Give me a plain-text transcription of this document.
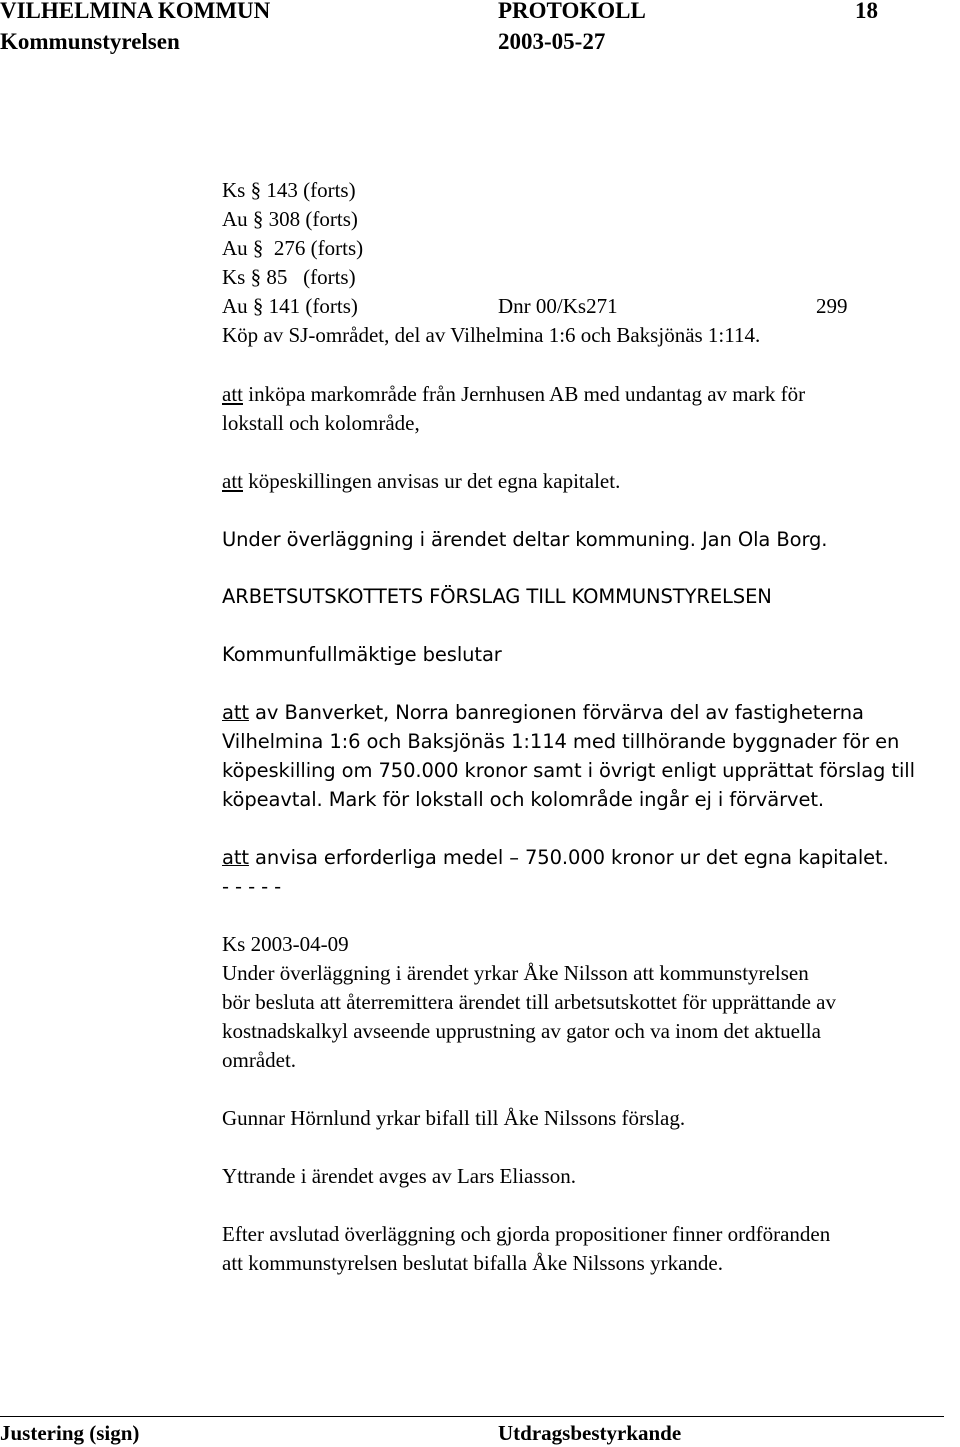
VILHELMINA KOMMUN	PROTOKOLL	18
Kommunstyrelsen	2003-05-27
Ks § 143 (forts)
Au § 308 (forts)
Au § 276 (forts)
Ks § 85 (forts)
Au § 141 (forts)	Dnr 00/Ks271	299
Köp av SJ-området, del av Vilhelmina 1:6 och Baksjönäs 1:114.
att inköpa markområde från Jernhusen AB med undantag av mark för
lokstall och kolområde,
att köpeskillingen anvisas ur det egna kapitalet.
Under överläggning i ärendet deltar kommuning. Jan Ola Borg.
ARBETSUTSKOTTETS FÖRSLAG TILL KOMMUNSTYRELSEN
Kommunfullmäktige beslutar
att av Banverket, Norra banregionen förvärva del av fastigheterna
Vilhelmina 1:6 och Baksjönäs 1:114 med tillhörande byggnader för en
köpeskilling om 750.000 kronor samt i övrigt enligt upprättat förslag till
köpeavtal. Mark för lokstall och kolområde ingår ej i förvärvet.
att anvisa erforderliga medel – 750.000 kronor ur det egna kapitalet.
- - - - -
Ks 2003-04-09
Under överläggning i ärendet yrkar Åke Nilsson att kommunstyrelsen
bör besluta att återremittera ärendet till arbetsutskottet för upprättande av
kostnadskalkyl avseende upprustning av gator och va inom det aktuella
området.
Gunnar Hörnlund yrkar bifall till Åke Nilssons förslag.
Yttrande i ärendet avges av Lars Eliasson.
Efter avslutad överläggning och gjorda propositioner finner ordföranden
att kommunstyrelsen beslutat bifalla Åke Nilssons yrkande.
Justering (sign)	Utdragsbestyrkande
